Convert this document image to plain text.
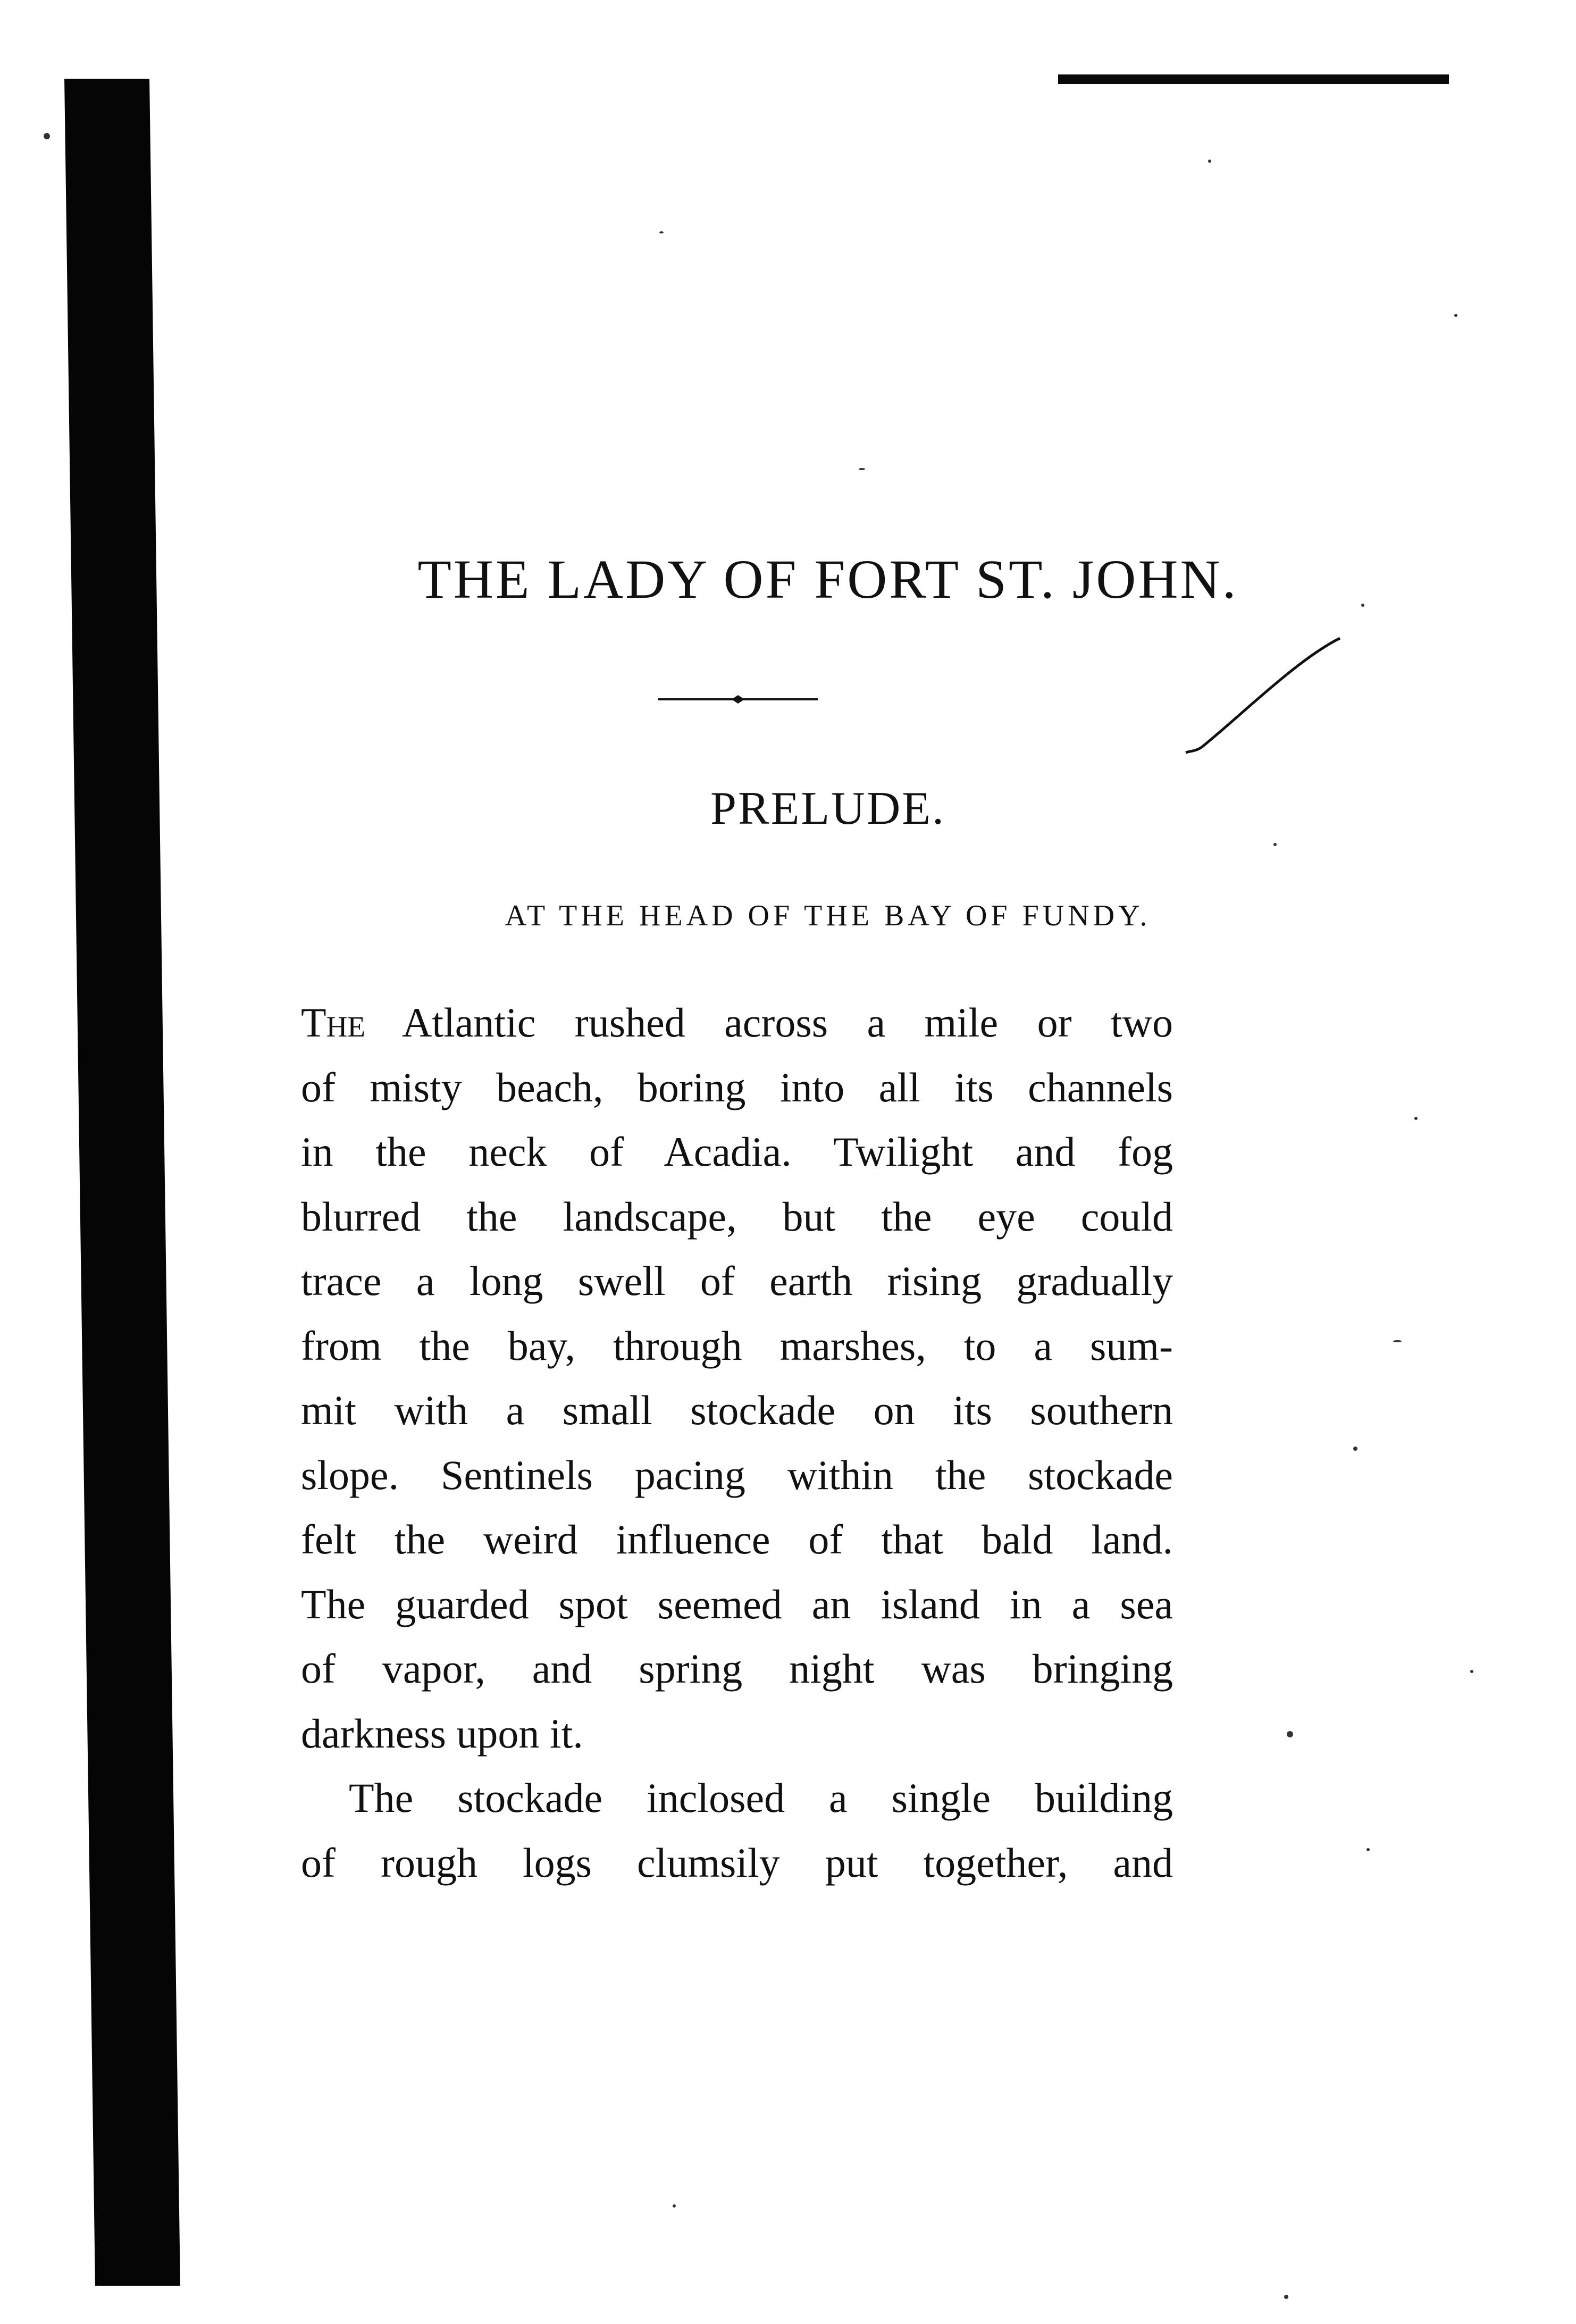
THE LADY OF FORT ST. JOHN.
PRELUDE.
AT THE HEAD OF THE BAY OF FUNDY.
The Atlantic rushed across a mile or two
of misty beach, boring into all its channels
in the neck of Acadia. Twilight and fog
blurred the landscape, but the eye could
trace a long swell of earth rising gradually
from the bay, through marshes, to a sum-
mit with a small stockade on its southern
slope. Sentinels pacing within the stockade
felt the weird influence of that bald land.
The guarded spot seemed an island in a sea
of vapor, and spring night was bringing
darkness upon it.
The stockade inclosed a single building
of rough logs clumsily put together, and
